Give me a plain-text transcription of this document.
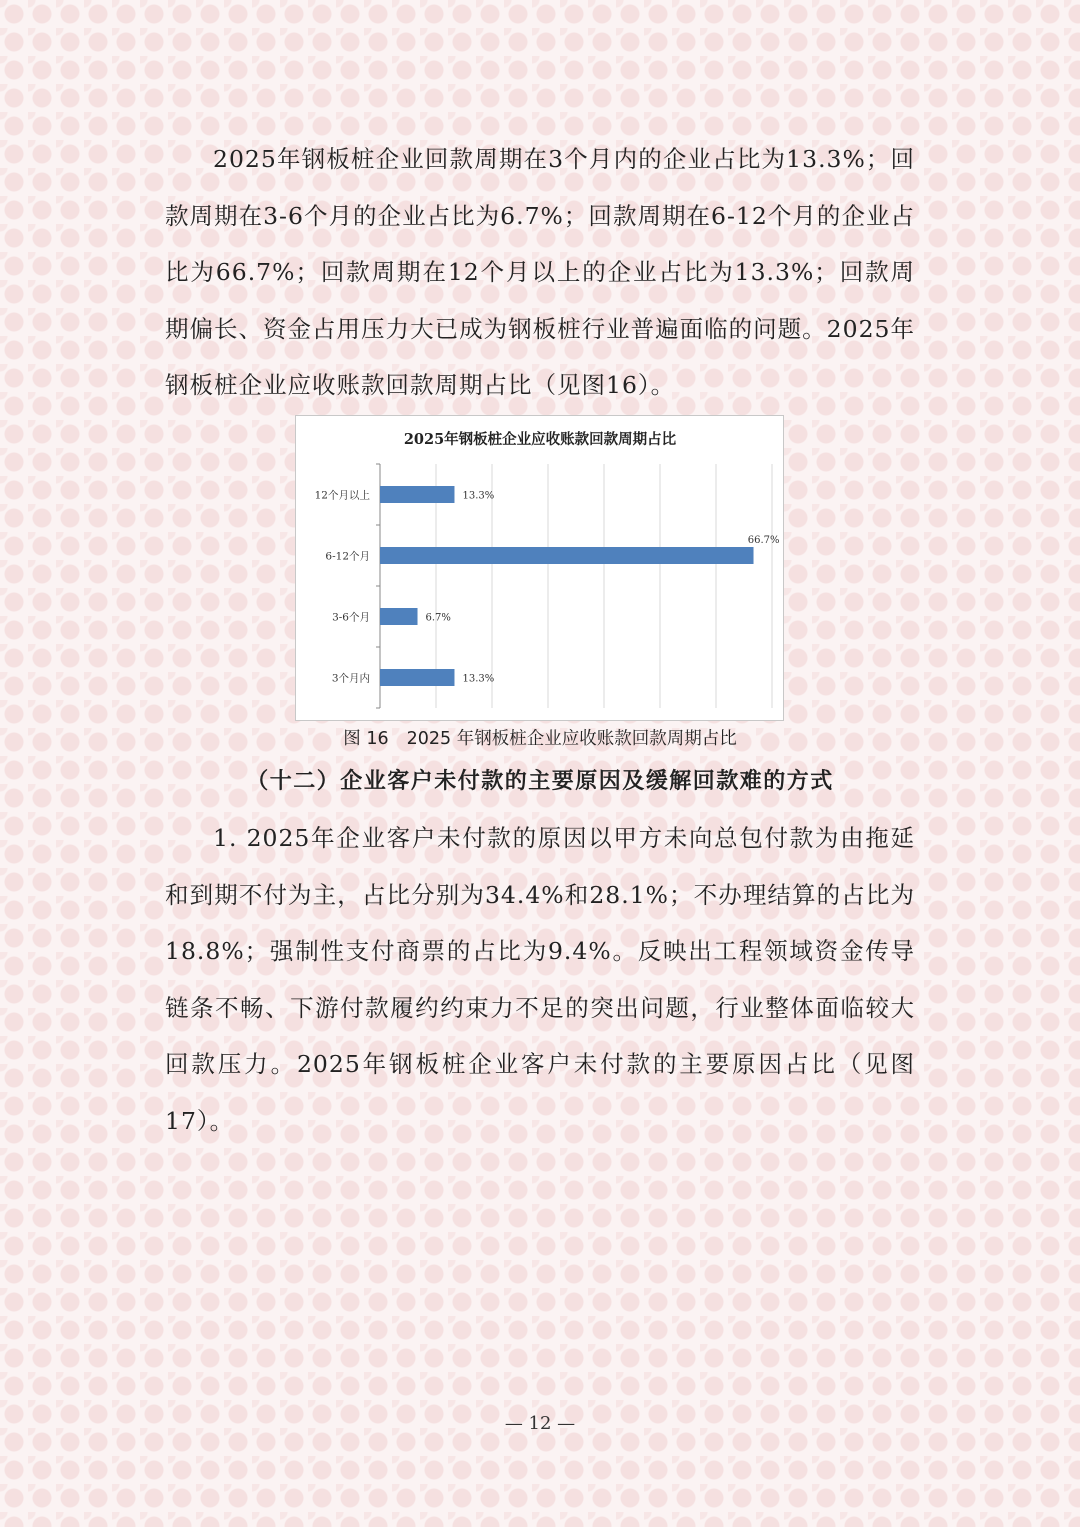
2025年钢板桩企业回款周期在3个月内的企业占比为13.3%；回款周期在3-6个月的企业占比为6.7%；回款周期在6-12个月的企业占比为66.7%；回款周期在12个月以上的企业占比为13.3%；回款周期偏长、资金占用压力大已成为钢板桩行业普遍面临的问题。2025年钢板桩企业应收账款回款周期占比（见图16）。

2025年钢板桩企业应收账款回款周期占比
12个月以上	13.3%
6-12个月
66.7%
3-6个月	6.7%
3个月内	13.3%
图 16 2025 年钢板桩企业应收账款回款周期占比
（十二）企业客户未付款的主要原因及缓解回款难的方式

1. 2025年企业客户未付款的原因以甲方未向总包付款为由拖延和到期不付为主，占比分别为34.4%和28.1%；不办理结算的占比为18.8%；强制性支付商票的占比为9.4%。反映出工程领域资金传导链条不畅、下游付款履约约束力不足的突出问题，行业整体面临较大回款压力。2025年钢板桩企业客户未付款的主要原因占比（见图17）。

— 12 —
